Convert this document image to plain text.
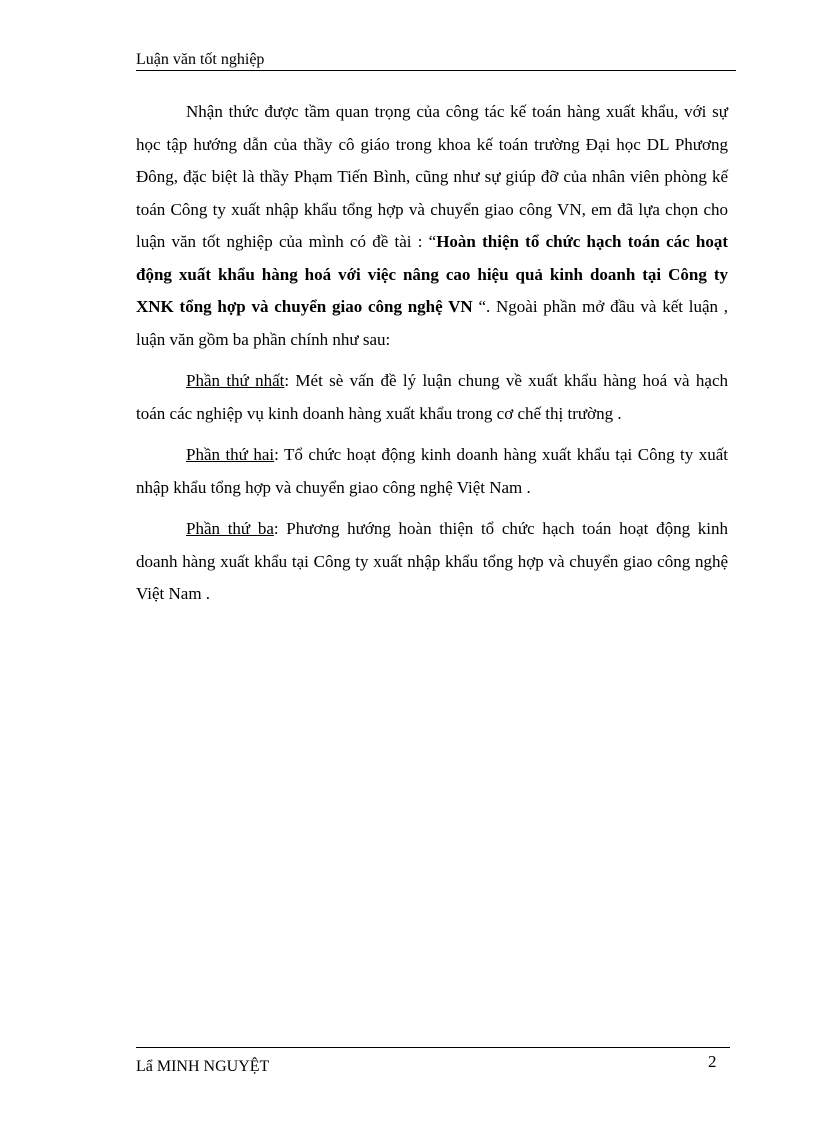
Luận văn tốt nghiệp

Nhận thức được tầm quan trọng của công tác kế toán hàng xuất khẩu, với sự học tập hướng dẫn của thầy cô giáo trong khoa kế toán trường Đại học DL Phương Đông, đặc biệt là thầy Phạm Tiến Bình, cũng như sự giúp đỡ của nhân viên phòng kế toán Công ty xuất nhập khẩu tổng hợp và chuyển giao công VN, em đã lựa chọn cho luận văn tốt nghiệp của mình có đề tài : “Hoàn thiện tổ chức hạch toán các hoạt động xuất khẩu hàng hoá với việc nâng cao hiệu quả kinh doanh tại Công ty XNK tổng hợp và chuyển giao công nghệ VN “. Ngoài phần mở đầu và kết luận , luận văn gồm ba phần chính như sau:

Phần thứ nhất: Mét sè vấn đề lý luận chung về xuất khẩu hàng hoá và hạch toán các nghiệp vụ kinh doanh hàng xuất khẩu trong cơ chế thị trường .

Phần thứ hai: Tổ chức hoạt động kinh doanh hàng xuất khẩu tại Công ty xuất nhập khẩu tổng hợp và chuyển giao công nghệ Việt Nam .

Phần thứ ba: Phương hướng hoàn thiện tổ chức hạch toán hoạt động kinh doanh hàng xuất khẩu tại Công ty xuất nhập khẩu tổng hợp và chuyển giao công nghệ Việt Nam .

Lẩ MINH NGUYỆT	2
